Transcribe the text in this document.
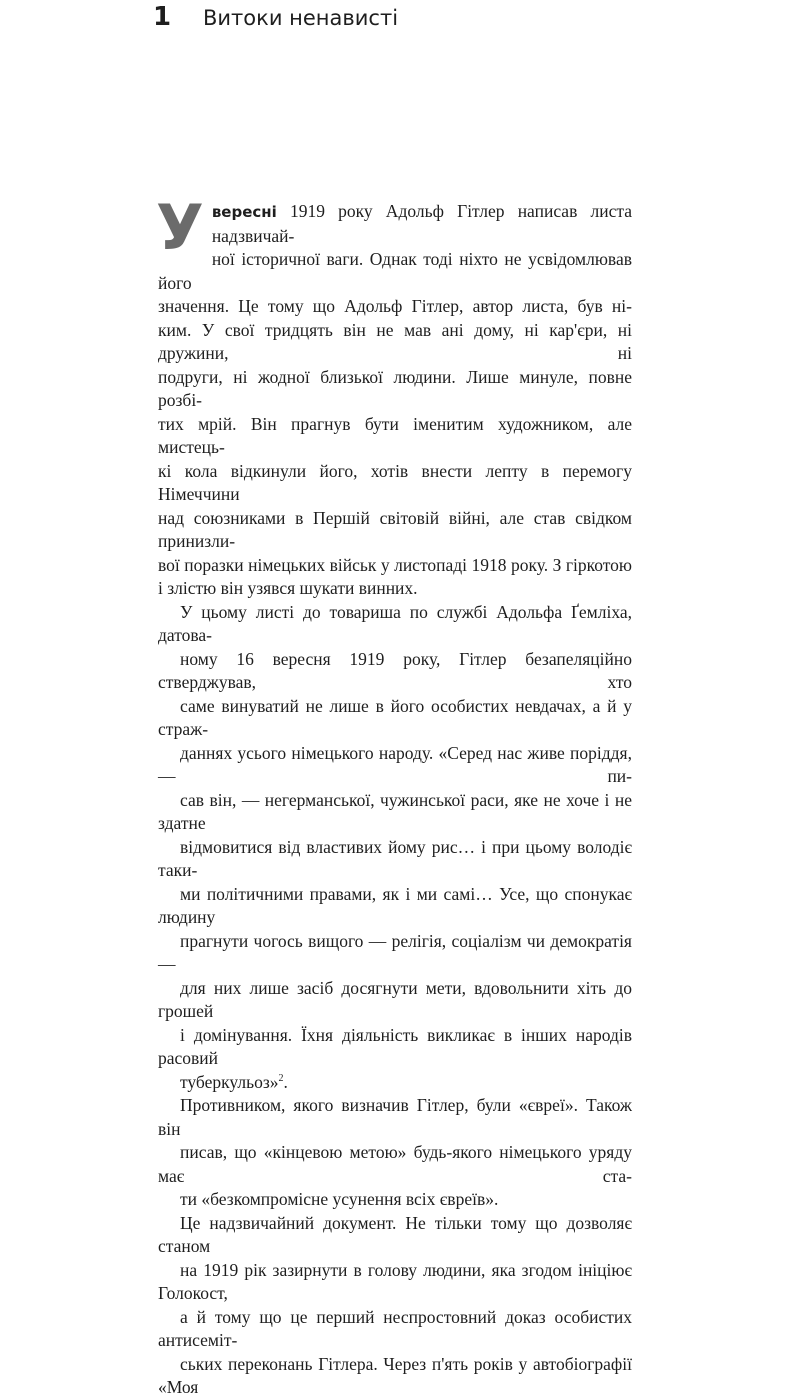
1	Витоки ненависті

У вересні 1919 року Адольф Гітлер написав листа надзвичай-
ної історичної ваги. Однак тоді ніхто не усвідомлював його
значення. Це тому що Адольф Гітлер, автор листа, був ні-
ким. У свої тридцять він не мав ані дому, ні кар'єри, ні дружини, ні
подруги, ні жодної близької людини. Лише минуле, повне розбі-
тих мрій. Він прагнув бути іменитим художником, але мистець-
кі кола відкинули його, хотів внести лепту в перемогу Німеччини
над союзниками в Першій світовій війні, але став свідком принизли-
вої поразки німецьких військ у листопаді 1918 року. З гіркотою
і злістю він узявся шукати винних.

У цьому листі до товариша по службі Адольфа Ґемліха, датова-
ному 16 вересня 1919 року, Гітлер безапеляційно стверджував, хто
саме винуватий не лише в його особистих невдачах, а й у страж-
даннях усього німецького народу. «Серед нас живе поріддя, — пи-
сав він, — негерманської, чужинської раси, яке не хоче і не здатне
відмовитися від властивих йому рис… і при цьому володіє таки-
ми політичними правами, як і ми самі… Усе, що спонукає людину
прагнути чогось вищого — релігія, соціалізм чи демократія —
для них лише засіб досягнути мети, вдовольнити хіть до грошей
і домінування. Їхня діяльність викликає в інших народів расовий
туберкульоз»$^2$.

Противником, якого визначив Гітлер, були «євреї». Також він
писав, що «кінцевою метою» будь-якого німецького уряду має ста-
ти «безкомпромісне усунення всіх євреїв».

Це надзвичайний документ. Не тільки тому що дозволяє станом
на 1919 рік зазирнути в голову людини, яка згодом ініціює Голокост,
а й тому що це перший неспростовний доказ особистих антисеміт-
ських переконань Гітлера. Через п'ять років у автобіографії «Моя
